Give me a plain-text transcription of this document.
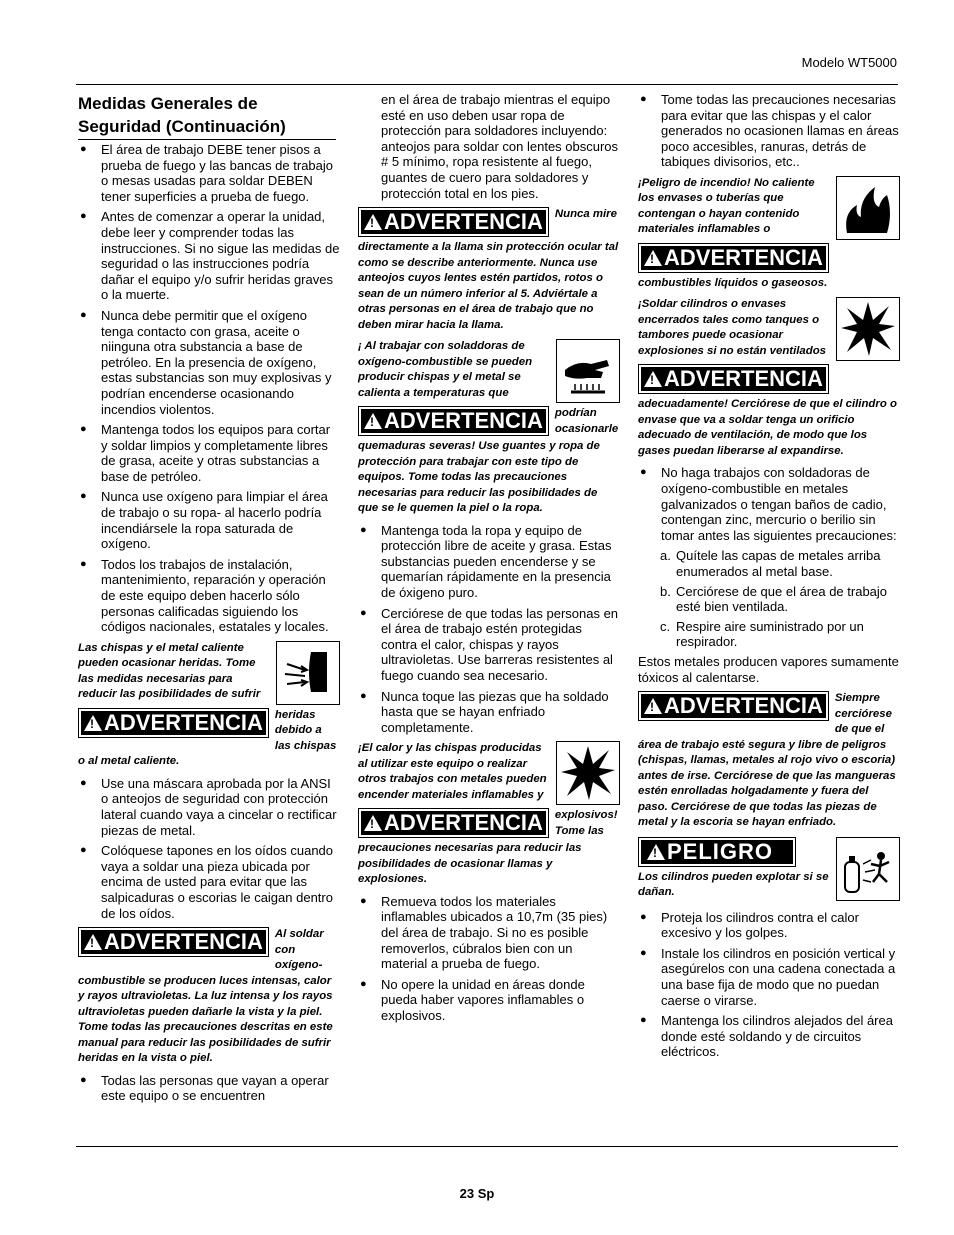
Modelo WT5000
Medidas Generales de Seguridad (Continuación)

● El área de trabajo DEBE tener pisos a prueba de fuego y las bancas de trabajo o mesas usadas para soldar DEBEN tener superficies a prueba de fuego.

● Antes de comenzar a operar la unidad, debe leer y comprender todas las instrucciones. Si no sigue las medidas de seguridad o las instrucciones podría dañar el equipo y/o sufrir heridas graves o la muerte.

● Nunca debe permitir que el oxígeno tenga contacto con grasa, aceite o niinguna otra substancia a base de petróleo. En la presencia de oxígeno, estas substancias son muy explosivas y podrían encenderse ocasionando incendios violentos.

● Mantenga todos los equipos para cortar y soldar limpios y completamente libres de grasa, aceite y otras substancias a base de petróleo.

● Nunca use oxígeno para limpiar el área de trabajo o su ropa- al hacerlo podría incendiársele la ropa saturada de oxígeno.

● Todos los trabajos de instalación, mantenimiento, reparación y operación de este equipo deben hacerlo sólo personas calificadas siguiendo los códigos nacionales, estatales y locales.

!
ADVERTENCIA
Las chispas y el metal caliente pueden ocasionar heridas. Tome las medidas necesarias para reducir las posibilidades de sufrir heridas debido a las chispas o al metal caliente.

● Use una máscara aprobada por la ANSI o anteojos de seguridad con protección lateral cuando vaya a cincelar o rectificar piezas de metal.

● Colóquese tapones en los oídos cuando vaya a soldar una pieza ubicada por encima de usted para evitar que las salpicaduras o escorias le caigan dentro de los oídos.

!
ADVERTENCIA Al soldar con oxígeno-combustible se producen luces intensas, calor y rayos ultravioletas. La luz intensa y los rayos ultravioletas pueden dañarle la vista y la piel. Tome todas las precauciones descritas en este manual para reducir las posibilidades de sufrir heridas en la vista o piel.

● Todas las personas que vayan a operar este equipo o se encuentren

en el área de trabajo mientras el equipo esté en uso deben usar ropa de protección para soldadores incluyendo: anteojos para soldar con lentes obscuros # 5 mínimo, ropa resistente al fuego, guantes de cuero para soldadores y protección total en los pies.

!
ADVERTENCIA Nunca mire directamente a la llama sin protección ocular tal como se describe anteriormente. Nunca use anteojos cuyos lentes estén partidos, rotos o sean de un número inferior al 5. Adviértale a otras personas en el área de trabajo que no deben mirar hacia la llama.
!
ADVERTENCIA
¡ Al trabajar con soladdoras de oxígeno-combustible se pueden producir chispas y el metal se calienta a temperaturas que podrían ocasionarle quemaduras severas! Use guantes y ropa de protección para trabajar con este tipo de equipos. Tome todas las precauciones necesarias para reducir las posibilidades de que se le quemen la piel o la ropa.

● Mantenga toda la ropa y equipo de protección libre de aceite y grasa. Estas substancias pueden encenderse y se quemarían rápidamente en la presencia de óxigeno puro.

● Cerciórese de que todas las personas en el área de trabajo estén protegidas contra el calor, chispas y rayos ultravioletas. Use barreras resistentes al fuego cuando sea necesario.

● Nunca toque las piezas que ha soldado hasta que se hayan enfriado completamente.

!
ADVERTENCIA
¡El calor y las chispas producidas al utilizar este equipo o realizar otros trabajos con metales pueden encender materiales inflamables y explosivos! Tome las precauciones necesarias para reducir las posibilidades de ocasionar llamas y explosiones.

● Remueva todos los materiales inflamables ubicados a 10,7m (35 pies) del área de trabajo. Si no es posible removerlos, cúbralos bien con un material a prueba de fuego.

● No opere la unidad en áreas donde pueda haber vapores inflamables o explosivos.

● Tome todas las precauciones necesarias para evitar que las chispas y el calor generados no ocasionen llamas en áreas poco accesibles, ranuras, detrás de tabiques divisorios, etc..

!
ADVERTENCIA
¡Peligro de incendio! No caliente los envases o tuberías que contengan o hayan contenido materiales inflamables o combustibles líquidos o gaseosos.
!
ADVERTENCIA
¡Soldar cilindros o envases encerrados tales como tanques o tambores puede ocasionar explosiones si no están ventilados adecuadamente! Cerciórese de que el cilindro o envase que va a soldar tenga un orificio adecuado de ventilación, de modo que los gases puedan liberarse al expandirse.

● No haga trabajos con soldadoras de oxígeno-combustible en metales galvanizados o tengan baños de cadio, contengan zinc, mercurio o berilio sin tomar antes las siguientes precauciones:

a. Quítele las capas de metales arriba enumerados al metal base.

b. Cerciórese de que el área de trabajo esté bien ventilada.

c. Respire aire suministrado por un respirador.

Estos metales producen vapores sumamente tóxicos al calentarse.

!
ADVERTENCIA Siempre cerciórese de que el área de trabajo esté segura y libre de peligros (chispas, llamas, metales al rojo vivo o escoria) antes de irse. Cerciórese de que las mangueras estén enrolladas holgadamente y fuera del paso. Cerciórese de que todas las piezas de metal y la escoria se hayan enfriado.
!
PELIGRO
Los cilindros pueden explotar si se dañan.

● Proteja los cilindros contra el calor excesivo y los golpes.

● Instale los cilindros en posición vertical y asegúrelos con una cadena conectada a una base fija de modo que no puedan caerse o virarse.

● Mantenga los cilindros alejados del área donde esté soldando y de circuitos eléctricos.

23 Sp
